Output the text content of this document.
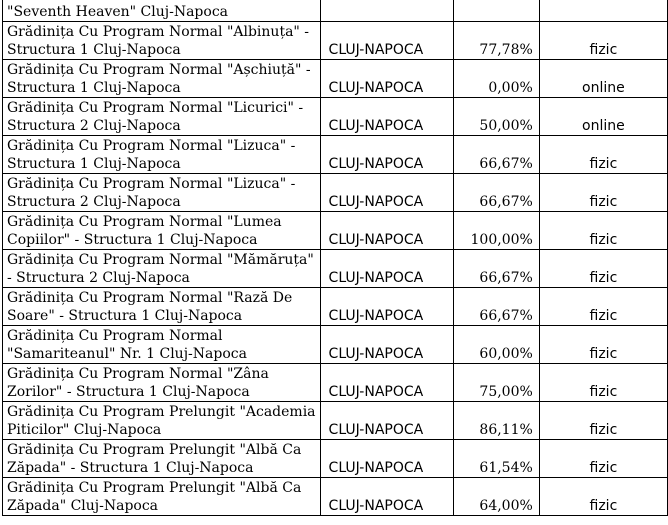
"Seventh Heaven" Cluj-Napoca			

Grădinița Cu Program Normal "Albinuța" -
Structura 1 Cluj-Napoca	CLUJ-NAPOCA	77,78%	fizic

Grădinița Cu Program Normal "Așchiuță" -
Structura 1 Cluj-Napoca	CLUJ-NAPOCA	0,00%	online

Grădinița Cu Program Normal "Licurici" -
Structura 2 Cluj-Napoca	CLUJ-NAPOCA	50,00%	online

Grădinița Cu Program Normal "Lizuca" -
Structura 1 Cluj-Napoca	CLUJ-NAPOCA	66,67%	fizic

Grădinița Cu Program Normal "Lizuca" -
Structura 2 Cluj-Napoca	CLUJ-NAPOCA	66,67%	fizic

Grădinița Cu Program Normal "Lumea
Copiilor" - Structura 1 Cluj-Napoca	CLUJ-NAPOCA	100,00%	fizic

Grădinița Cu Program Normal "Mămăruța"
- Structura 2 Cluj-Napoca	CLUJ-NAPOCA	66,67%	fizic

Grădinița Cu Program Normal "Rază De
Soare" - Structura 1 Cluj-Napoca	CLUJ-NAPOCA	66,67%	fizic

Grădinița Cu Program Normal
"Samariteanul" Nr. 1 Cluj-Napoca	CLUJ-NAPOCA	60,00%	fizic

Grădinița Cu Program Normal "Zâna
Zorilor" - Structura 1 Cluj-Napoca	CLUJ-NAPOCA	75,00%	fizic

Grădinița Cu Program Prelungit "Academia
Piticilor" Cluj-Napoca	CLUJ-NAPOCA	86,11%	fizic

Grădinița Cu Program Prelungit "Albă Ca
Zăpada" - Structura 1 Cluj-Napoca	CLUJ-NAPOCA	61,54%	fizic

Grădinița Cu Program Prelungit "Albă Ca
Zăpada" Cluj-Napoca	CLUJ-NAPOCA	64,00%	fizic
